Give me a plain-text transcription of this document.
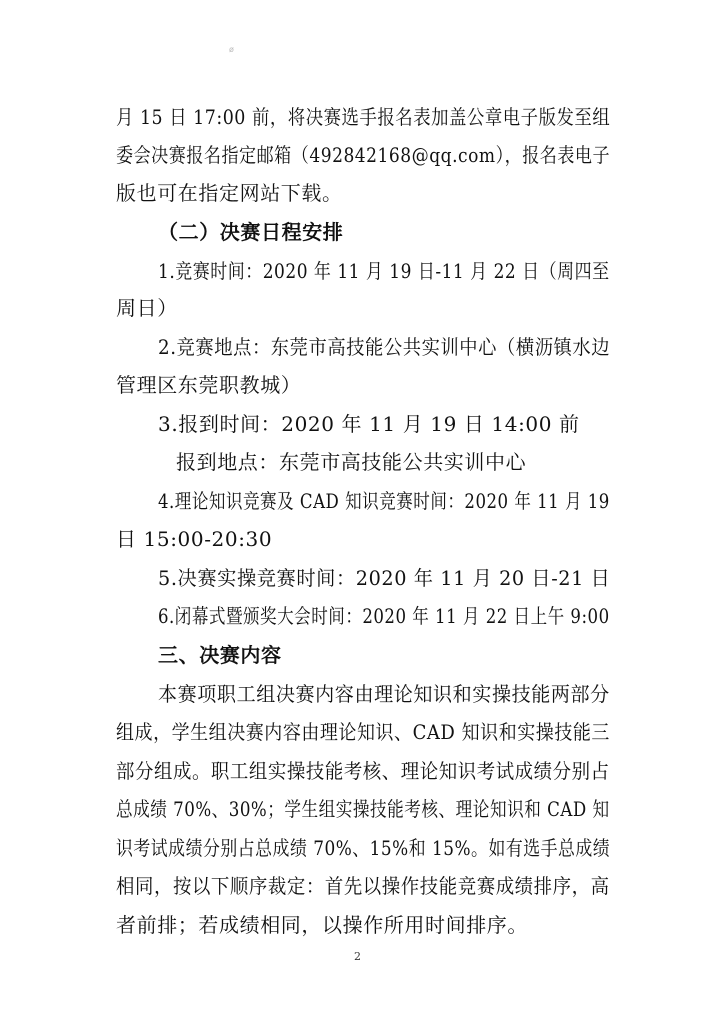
ø
月 15 日 17:00 前，将决赛选手报名表加盖公章电子版发至组
委会决赛报名指定邮箱（492842168@qq.com），报名表电子
版也可在指定网站下载。
（二）决赛日程安排
1.竞赛时间：2020 年 11 月 19 日-11 月 22 日（周四至
周日）
2.竞赛地点：东莞市高技能公共实训中心（横沥镇水边
管理区东莞职教城）
3.报到时间：2020 年 11 月 19 日 14:00 前
报到地点：东莞市高技能公共实训中心
4.理论知识竞赛及 CAD 知识竞赛时间：2020 年 11 月 19
日 15:00-20:30
5.决赛实操竞赛时间：2020 年 11 月 20 日-21 日
6.闭幕式暨颁奖大会时间：2020 年 11 月 22 日上午 9:00
三、决赛内容
本赛项职工组决赛内容由理论知识和实操技能两部分
组成，学生组决赛内容由理论知识、CAD 知识和实操技能三
部分组成。职工组实操技能考核、理论知识考试成绩分别占
总成绩 70%、30%；学生组实操技能考核、理论知识和 CAD 知
识考试成绩分别占总成绩 70%、15%和 15%。如有选手总成绩
相同，按以下顺序裁定：首先以操作技能竞赛成绩排序，高
者前排；若成绩相同，以操作所用时间排序。
2
